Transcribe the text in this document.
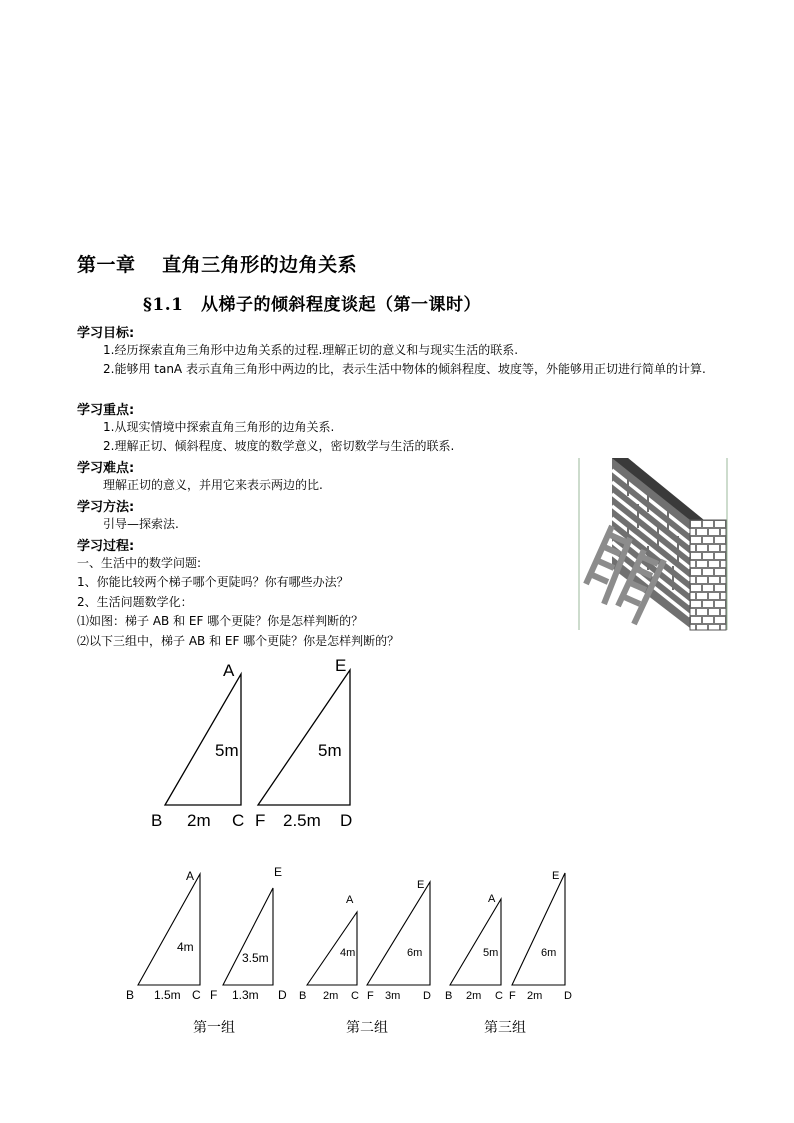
第一章　 直角三角形的边角关系
§1.1　从梯子的倾斜程度谈起（第一课时）
学习目标:
1.经历探索直角三角形中边角关系的过程.理解正切的意义和与现实生活的联系.
2.能够用 tanA 表示直角三角形中两边的比，表示生活中物体的倾斜程度、坡度等，外能够用正切进行简单的计算.
学习重点:
1.从现实情境中探索直角三角形的边角关系.
2.理解正切、倾斜程度、坡度的数学意义，密切数学与生活的联系.
学习难点:
理解正切的意义，并用它来表示两边的比.
学习方法:
引导—探索法.
学习过程:
一、生活中的数学问题:
1、你能比较两个梯子哪个更陡吗？你有哪些办法？
2、生活问题数学化：
⑴如图：梯子 AB 和 EF 哪个更陡？你是怎样判断的？
⑵以下三组中，梯子 AB 和 EF 哪个更陡？你是怎样判断的？
A
B	C
5m
2m
E
F	D
5m
2.5m
A
B	C
4m
1.5m
E
F	D
3.5m
1.3m
第一组
A
B	C
4m
2m
E
F	D
6m
3m
第二组
A
B	C
5m
2m
E
F	D
6m
2m
第三组
